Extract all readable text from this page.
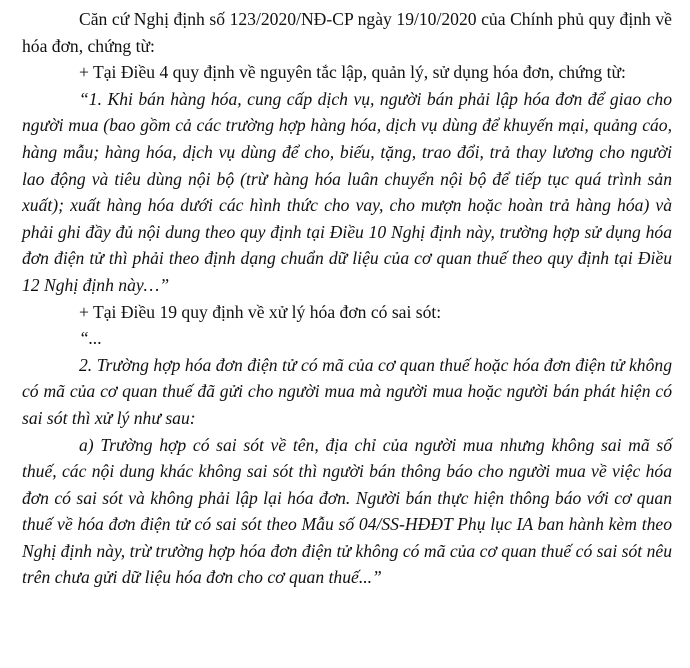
Căn cứ Nghị định số 123/2020/NĐ-CP ngày 19/10/2020 của Chính phủ quy định về hóa đơn, chứng từ:

+ Tại Điều 4 quy định về nguyên tắc lập, quản lý, sử dụng hóa đơn, chứng từ:

“1. Khi bán hàng hóa, cung cấp dịch vụ, người bán phải lập hóa đơn để giao cho người mua (bao gồm cả các trường hợp hàng hóa, dịch vụ dùng để khuyến mại, quảng cáo, hàng mẫu; hàng hóa, dịch vụ dùng để cho, biếu, tặng, trao đổi, trả thay lương cho người lao động và tiêu dùng nội bộ (trừ hàng hóa luân chuyển nội bộ để tiếp tục quá trình sản xuất); xuất hàng hóa dưới các hình thức cho vay, cho mượn hoặc hoàn trả hàng hóa) và phải ghi đầy đủ nội dung theo quy định tại Điều 10 Nghị định này, trường hợp sử dụng hóa đơn điện tử thì phải theo định dạng chuẩn dữ liệu của cơ quan thuế theo quy định tại Điều 12 Nghị định này…”

+ Tại Điều 19 quy định về xử lý hóa đơn có sai sót:

“...

2. Trường hợp hóa đơn điện tử có mã của cơ quan thuế hoặc hóa đơn điện tử không có mã của cơ quan thuế đã gửi cho người mua mà người mua hoặc người bán phát hiện có sai sót thì xử lý như sau:

a) Trường hợp có sai sót về tên, địa chỉ của người mua nhưng không sai mã số thuế, các nội dung khác không sai sót thì người bán thông báo cho người mua về việc hóa đơn có sai sót và không phải lập lại hóa đơn. Người bán thực hiện thông báo với cơ quan thuế về hóa đơn điện tử có sai sót theo Mẫu số 04/SS-HĐĐT Phụ lục IA ban hành kèm theo Nghị định này, trừ trường hợp hóa đơn điện tử không có mã của cơ quan thuế có sai sót nêu trên chưa gửi dữ liệu hóa đơn cho cơ quan thuế...”
